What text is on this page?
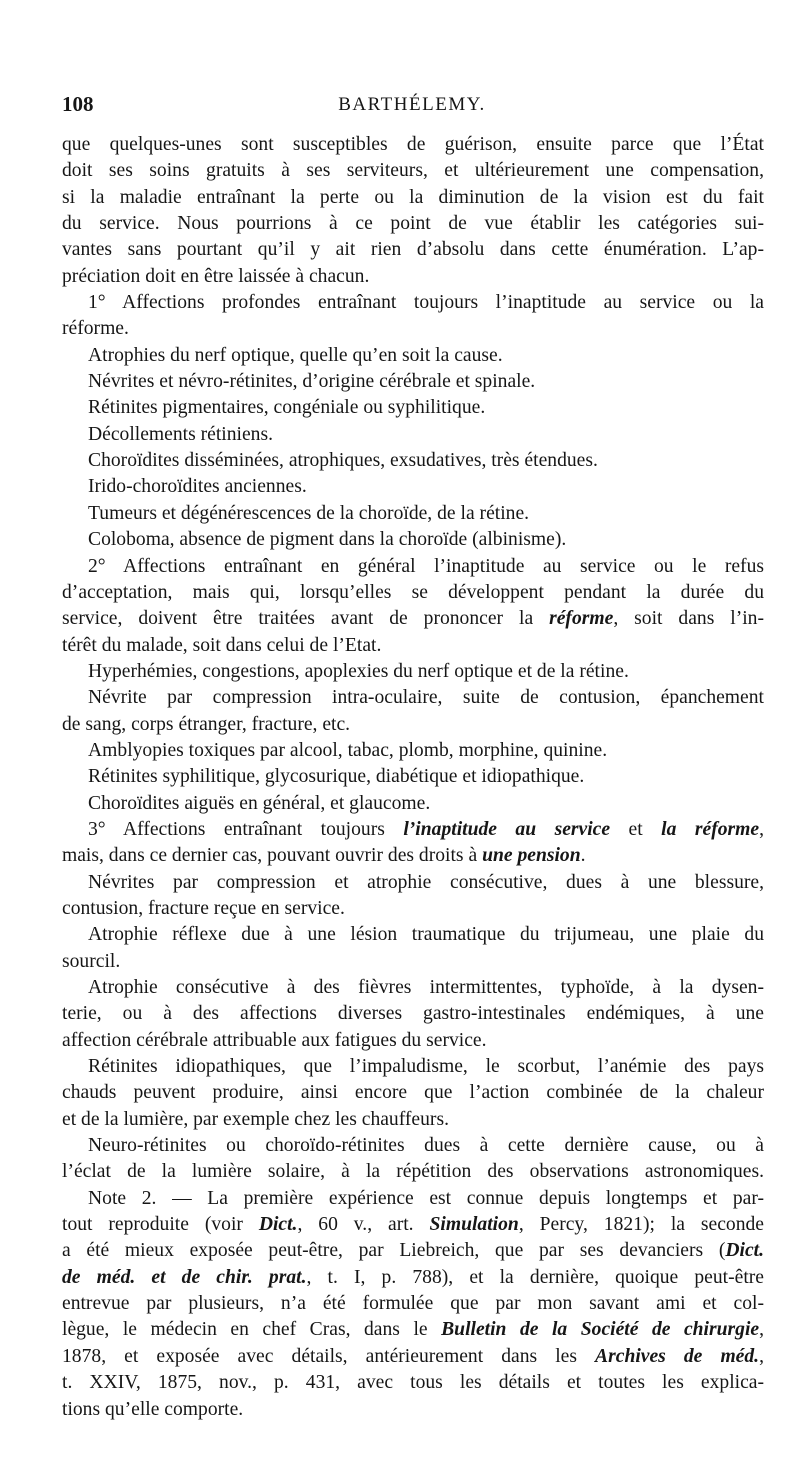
108	BARTHÉLEMY.
que quelques-unes sont susceptibles de guérison, ensuite parce que l’État
doit ses soins gratuits à ses serviteurs, et ultérieurement une compensation,
si la maladie entraînant la perte ou la diminution de la vision est du fait
du service. Nous pourrions à ce point de vue établir les catégories sui-
vantes sans pourtant qu’il y ait rien d’absolu dans cette énumération. L’ap-
préciation doit en être laissée à chacun.
1° Affections profondes entraînant toujours l’inaptitude au service ou la
réforme.
Atrophies du nerf optique, quelle qu’en soit la cause.
Névrites et névro-rétinites, d’origine cérébrale et spinale.
Rétinites pigmentaires, congéniale ou syphilitique.
Décollements rétiniens.
Choroïdites disséminées, atrophiques, exsudatives, très étendues.
Irido-choroïdites anciennes.
Tumeurs et dégénérescences de la choroïde, de la rétine.
Coloboma, absence de pigment dans la choroïde (albinisme).
2° Affections entraînant en général l’inaptitude au service ou le refus
d’acceptation, mais qui, lorsqu’elles se développent pendant la durée du
service, doivent être traitées avant de prononcer la réforme, soit dans l’in-
térêt du malade, soit dans celui de l’Etat.
Hyperhémies, congestions, apoplexies du nerf optique et de la rétine.
Névrite par compression intra-oculaire, suite de contusion, épanchement
de sang, corps étranger, fracture, etc.
Amblyopies toxiques par alcool, tabac, plomb, morphine, quinine.
Rétinites syphilitique, glycosurique, diabétique et idiopathique.
Choroïdites aiguës en général, et glaucome.
3° Affections entraînant toujours l’inaptitude au service et la réforme,
mais, dans ce dernier cas, pouvant ouvrir des droits à une pension.
Névrites par compression et atrophie consécutive, dues à une blessure,
contusion, fracture reçue en service.
Atrophie réflexe due à une lésion traumatique du trijumeau, une plaie du
sourcil.
Atrophie consécutive à des fièvres intermittentes, typhoïde, à la dysen-
terie, ou à des affections diverses gastro-intestinales endémiques, à une
affection cérébrale attribuable aux fatigues du service.
Rétinites idiopathiques, que l’impaludisme, le scorbut, l’anémie des pays
chauds peuvent produire, ainsi encore que l’action combinée de la chaleur
et de la lumière, par exemple chez les chauffeurs.
Neuro-rétinites ou choroïdo-rétinites dues à cette dernière cause, ou à
l’éclat de la lumière solaire, à la répétition des observations astronomiques.
Note 2. — La première expérience est connue depuis longtemps et par-
tout reproduite (voir Dict., 60 v., art. Simulation, Percy, 1821); la seconde
a été mieux exposée peut-être, par Liebreich, que par ses devanciers (Dict.
de méd. et de chir. prat., t. I, p. 788), et la dernière, quoique peut-être
entrevue par plusieurs, n’a été formulée que par mon savant ami et col-
lègue, le médecin en chef Cras, dans le Bulletin de la Société de chirurgie,
1878, et exposée avec détails, antérieurement dans les Archives de méd.,
t. XXIV, 1875, nov., p. 431, avec tous les détails et toutes les explica-
tions qu’elle comporte.
